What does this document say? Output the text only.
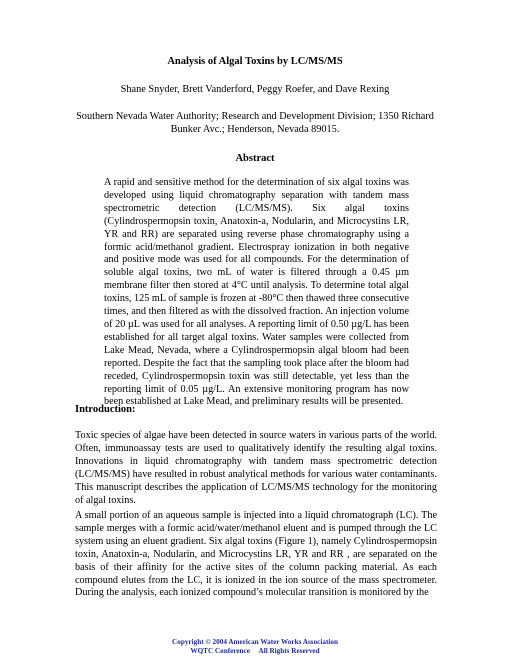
Analysis of Algal Toxins by LC/MS/MS
Shane Snyder, Brett Vanderford, Peggy Roefer, and Dave Rexing
Southern Nevada Water Authority; Research and Development Division; 1350 Richard Bunker Avc.; Henderson, Nevada 89015.
Abstract

A rapid and sensitive method for the determination of six algal toxins was developed using liquid chromatography separation with tandem mass spectrometric detection (LC/MS/MS). Six algal toxins (Cylindrospermopsin toxin, Anatoxin-a, Nodularin, and Microcystins LR, YR and RR) are separated using reverse phase chromatography using a formic acid/methanol gradient. Electrospray ionization in both negative and positive mode was used for all compounds. For the determination of soluble algal toxins, two mL of water is filtered through a 0.45 µm membrane filter then stored at 4°C until analysis. To determine total algal toxins, 125 mL of sample is frozen at -80°C then thawed three consecutive times, and then filtered as with the dissolved fraction. An injection volume of 20 µL was used for all analyses. A reporting limit of 0.50 µg/L has been established for all target algal toxins. Water samples were collected from Lake Mead, Nevada, where a Cylindrospermopsin algal bloom had been reported. Despite the fact that the sampling took place after the bloom had receded, Cylindrospermopsin toxin was still detectable, yet less than the reporting limit of 0.05 µg/L. An extensive monitoring program has now been established at Lake Mead, and preliminary results will be presented.

Introduction:

Toxic species of algae have been detected in source waters in various parts of the world. Often, immunoassay tests are used to qualitatively identify the resulting algal toxins. Innovations in liquid chromatography with tandem mass spectrometric detection (LC/MS/MS) have resulted in robust analytical methods for various water contaminants. This manuscript describes the application of LC/MS/MS technology for the monitoring of algal toxins.

A small portion of an aqueous sample is injected into a liquid chromatograph (LC). The sample merges with a formic acid/water/methanol eluent and is pumped through the LC system using an eluent gradient. Six algal toxins (Figure 1), namely Cylindrospermopsin toxin, Anatoxin-a, Nodularin, and Microcystins LR, YR and RR , are separated on the basis of their affinity for the active sites of the column packing material. As each compound elutes from the LC, it is ionized in the ion source of the mass spectrometer. During the analysis, each ionized compound’s molecular transition is monitored by the

Copyright © 2004 American Water Works Association
WQTC Conference     All Rights Reserved
